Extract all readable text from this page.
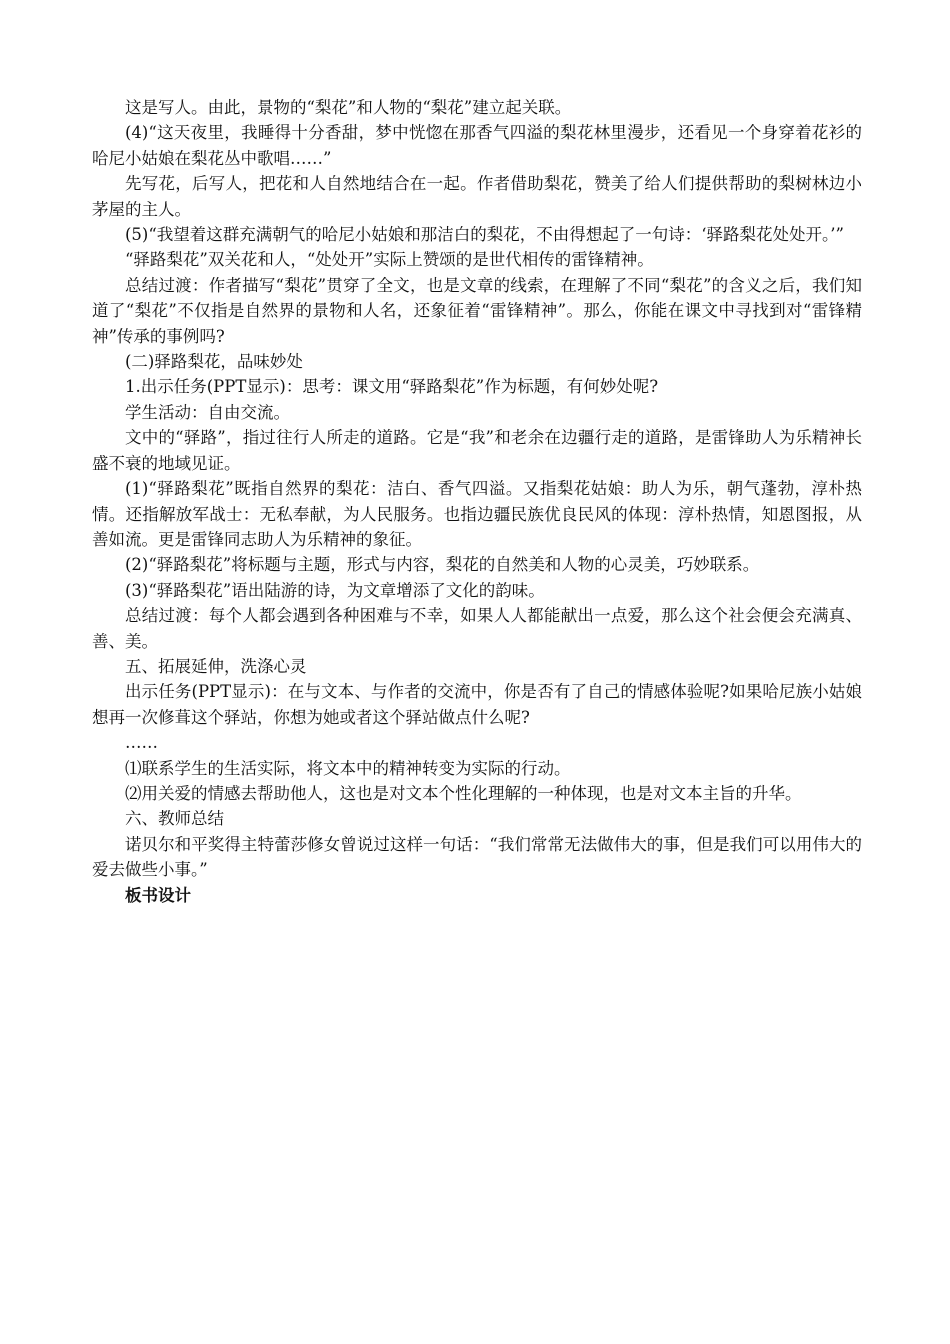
这是写人。由此，景物的“梨花”和人物的“梨花”建立起关联。

(4)“这天夜里，我睡得十分香甜，梦中恍惚在那香气四溢的梨花林里漫步，还看见一个身穿着花衫的哈尼小姑娘在梨花丛中歌唱……”

先写花，后写人，把花和人自然地结合在一起。作者借助梨花，赞美了给人们提供帮助的梨树林边小茅屋的主人。

(5)“我望着这群充满朝气的哈尼小姑娘和那洁白的梨花，不由得想起了一句诗：‘驿路梨花处处开。’”

“驿路梨花”双关花和人，“处处开”实际上赞颂的是世代相传的雷锋精神。

总结过渡：作者描写“梨花”贯穿了全文，也是文章的线索，在理解了不同“梨花”的含义之后，我们知道了“梨花”不仅指是自然界的景物和人名，还象征着“雷锋精神”。那么，你能在课文中寻找到对“雷锋精神”传承的事例吗?

(二)驿路梨花，品味妙处

1.出示任务(PPT显示)：思考：课文用“驿路梨花”作为标题，有何妙处呢?

学生活动：自由交流。

文中的“驿路”，指过往行人所走的道路。它是“我”和老余在边疆行走的道路，是雷锋助人为乐精神长盛不衰的地域见证。

(1)“驿路梨花”既指自然界的梨花：洁白、香气四溢。又指梨花姑娘：助人为乐，朝气蓬勃，淳朴热情。还指解放军战士：无私奉献，为人民服务。也指边疆民族优良民风的体现：淳朴热情，知恩图报，从善如流。更是雷锋同志助人为乐精神的象征。

(2)“驿路梨花”将标题与主题，形式与内容，梨花的自然美和人物的心灵美，巧妙联系。

(3)“驿路梨花”语出陆游的诗，为文章增添了文化的韵味。

总结过渡：每个人都会遇到各种困难与不幸，如果人人都能献出一点爱，那么这个社会便会充满真、善、美。

五、拓展延伸，洗涤心灵

出示任务(PPT显示)：在与文本、与作者的交流中，你是否有了自己的情感体验呢?如果哈尼族小姑娘想再一次修葺这个驿站，你想为她或者这个驿站做点什么呢?

……

⑴联系学生的生活实际，将文本中的精神转变为实际的行动。

⑵用关爱的情感去帮助他人，这也是对文本个性化理解的一种体现，也是对文本主旨的升华。

六、教师总结

诺贝尔和平奖得主特蕾莎修女曾说过这样一句话：“我们常常无法做伟大的事，但是我们可以用伟大的爱去做些小事。”

板书设计
